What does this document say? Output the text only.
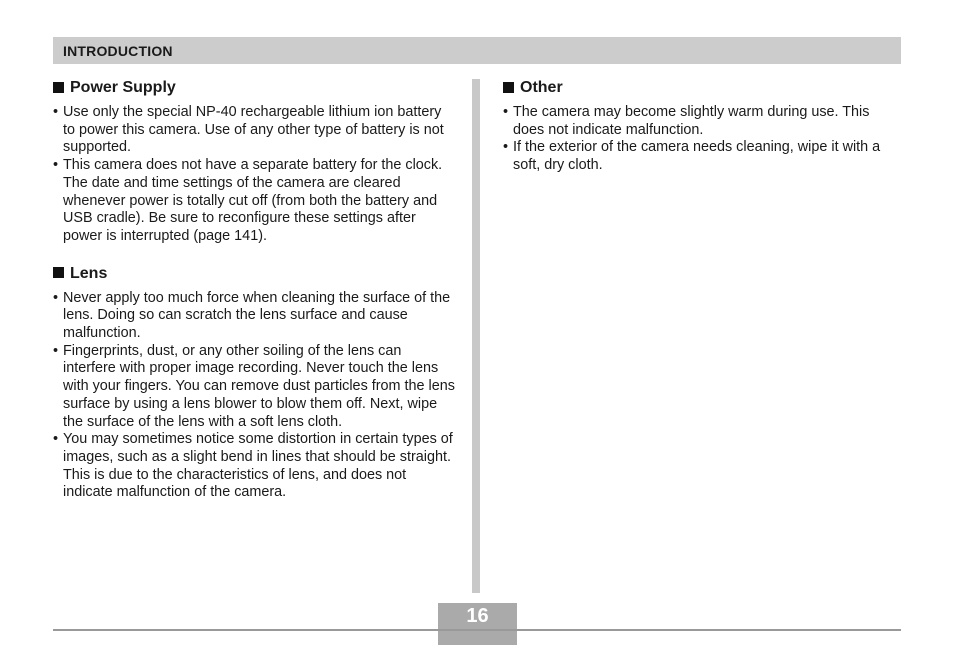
INTRODUCTION
Power Supply
• Use only the special NP-40 rechargeable lithium ion battery to power this camera. Use of any other type of battery is not supported.
• This camera does not have a separate battery for the clock. The date and time settings of the camera are cleared whenever power is totally cut off (from both the battery and USB cradle). Be sure to reconfigure these settings after power is interrupted (page 141).
Lens
• Never apply too much force when cleaning the surface of the lens. Doing so can scratch the lens surface and cause malfunction.
• Fingerprints, dust, or any other soiling of the lens can interfere with proper image recording. Never touch the lens with your fingers. You can remove dust particles from the lens surface by using a lens blower to blow them off. Next, wipe the surface of the lens with a soft lens cloth.
• You may sometimes notice some distortion in certain types of images, such as a slight bend in lines that should be straight. This is due to the characteristics of lens, and does not indicate malfunction of the camera.
Other
• The camera may become slightly warm during use. This does not indicate malfunction.
• If the exterior of the camera needs cleaning, wipe it with a soft, dry cloth.
16
